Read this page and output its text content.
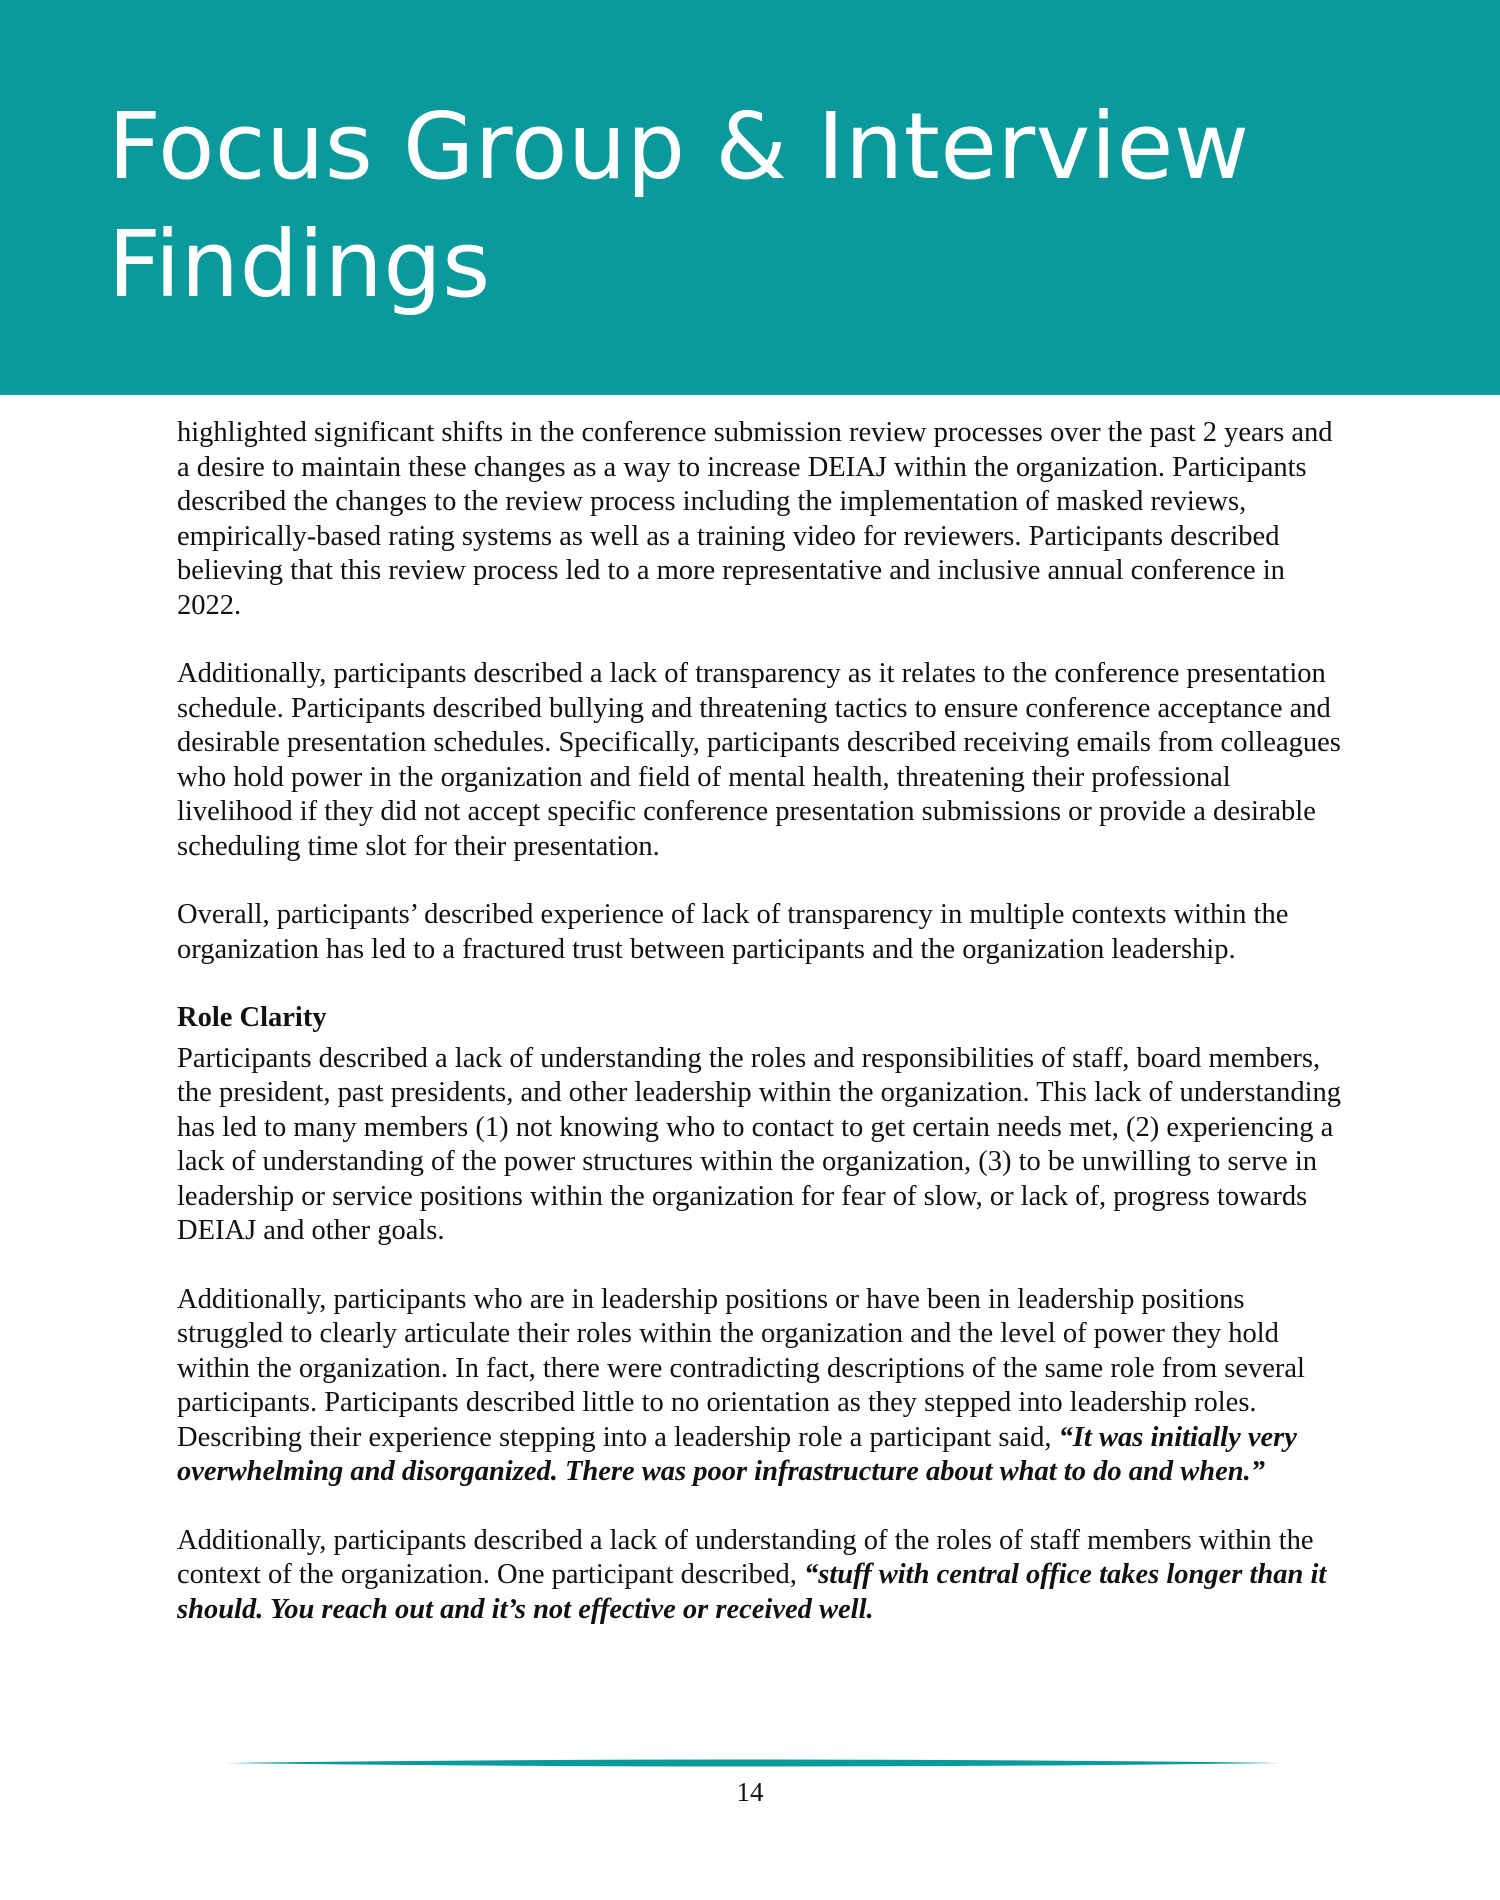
Focus Group & Interview Findings

highlighted significant shifts in the conference submission review processes over the past 2 years and a desire to maintain these changes as a way to increase DEIAJ within the organization. Participants described the changes to the review process including the implementation of masked reviews, empirically-based rating systems as well as a training video for reviewers. Participants described believing that this review process led to a more representative and inclusive annual conference in 2022.

Additionally, participants described a lack of transparency as it relates to the conference presentation schedule. Participants described bullying and threatening tactics to ensure conference acceptance and desirable presentation schedules. Specifically, participants described receiving emails from colleagues who hold power in the organization and field of mental health, threatening their professional livelihood if they did not accept specific conference presentation submissions or provide a desirable scheduling time slot for their presentation.

Overall, participants’ described experience of lack of transparency in multiple contexts within the organization has led to a fractured trust between participants and the organization leadership.

Role Clarity

Participants described a lack of understanding the roles and responsibilities of staff, board members, the president, past presidents, and other leadership within the organization. This lack of understanding has led to many members (1) not knowing who to contact to get certain needs met, (2) experiencing a lack of understanding of the power structures within the organization, (3) to be unwilling to serve in leadership or service positions within the organization for fear of slow, or lack of, progress towards DEIAJ and other goals.

Additionally, participants who are in leadership positions or have been in leadership positions struggled to clearly articulate their roles within the organization and the level of power they hold within the organization. In fact, there were contradicting descriptions of the same role from several participants. Participants described little to no orientation as they stepped into leadership roles. Describing their experience stepping into a leadership role a participant said, “It was initially very overwhelming and disorganized. There was poor infrastructure about what to do and when.”

Additionally, participants described a lack of understanding of the roles of staff members within the context of the organization. One participant described, “stuff with central office takes longer than it should. You reach out and it’s not effective or received well.

14
